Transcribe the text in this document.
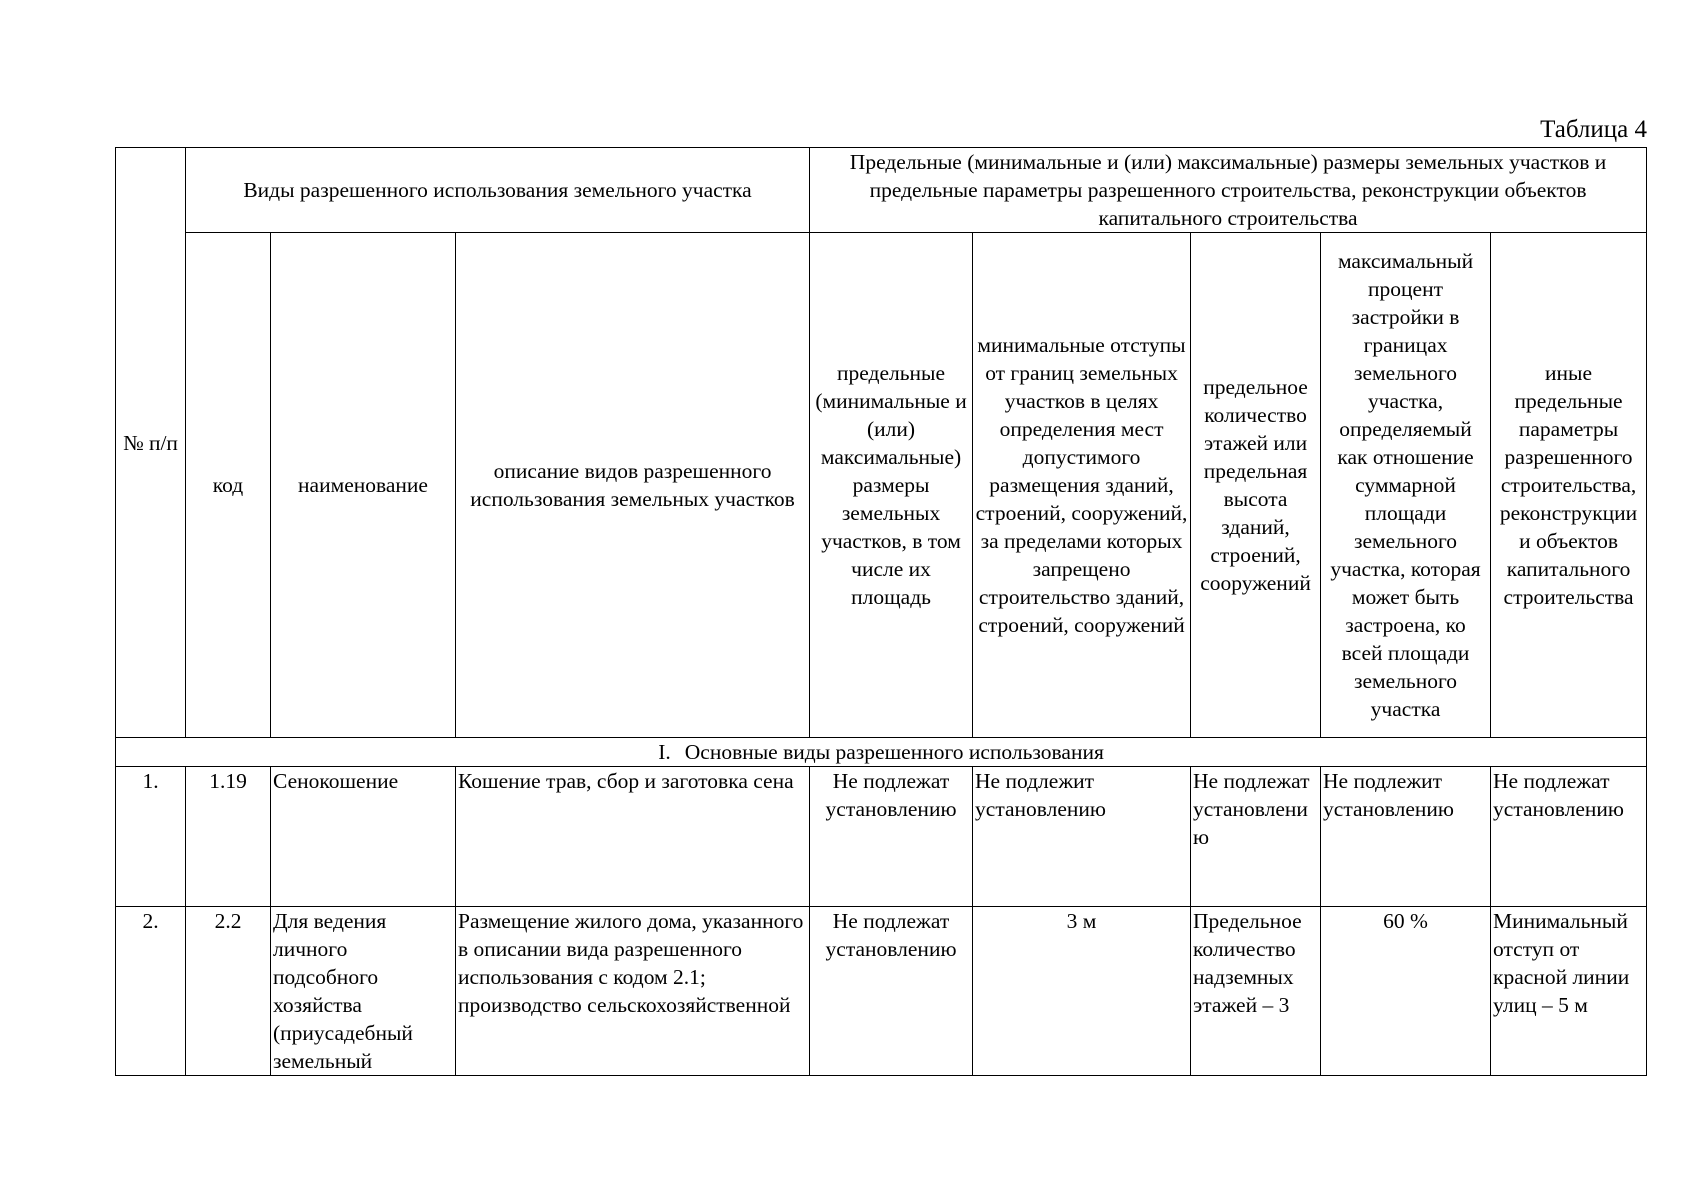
Таблица 4
№ п/п	Виды разрешенного использования земельного участка			Предельные (минимальные и (или) максимальные) размеры земельных участков и предельные параметры разрешенного строительства, реконструкции объектов капитального строительства				
	код	наименование	описание видов разрешенного использования земельных участков	предельные (минимальные и (или) максимальные) размеры земельных участков, в том числе их площадь	минимальные отступы от границ земельных участков в целях определения мест допустимого размещения зданий, строений, сооружений, за пределами которых запрещено строительство зданий, строений, сооружений	предельное количество этажей или предельная высота зданий, строений, сооружений	максимальный процент застройки в границах земельного участка, определяемый как отношение суммарной площади земельного участка, которая может быть застроена, ко всей площади земельного участка	иные предельные параметры разрешенного строительства, реконструкции и объектов капитального строительства
I. Основные виды разрешенного использования								
1.	1.19	Сенокошение	Кошение трав, сбор и заготовка сена	Не подлежат установлению	Не подлежит установлению	Не подлежат установлению	Не подлежит установлению	Не подлежат установлению
2.	2.2	Для ведения личного подсобного хозяйства (приусадебный земельный	Размещение жилого дома, указанного в описании вида разрешенного использования с кодом 2.1; производство сельскохозяйственной	Не подлежат установлению	3 м	Предельное количество надземных этажей – 3	60 %	Минимальный отступ от красной линии улиц – 5 м
